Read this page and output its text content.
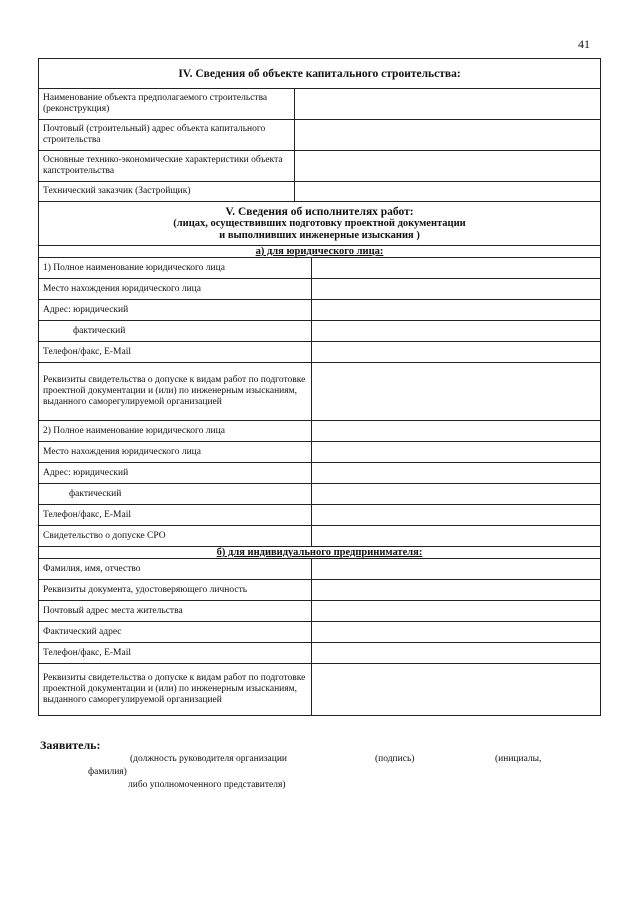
41
IV. Сведения об объекте капитального строительства:		
Наименование объекта предполагаемого строительства (реконструкция)		
Почтовый (строительный) адрес объекта капитального строительства		
Основные технико-экономические характеристики объекта капстроительства		
Технический заказчик (Застройщик)		

V. Сведения об исполнителях работ:
(лицах, осуществивших подготовку проектной документации
и выполнивших инженерные изыскания )		

а) для юридического лица:		
1) Полное наименование юридического лица		
Место нахождения юридического лица		
Адрес: юридический		
фактический		
Телефон/факс, E-Mail		
Реквизиты свидетельства о допуске к видам работ по подготовке проектной документации и (или) по инженерным изысканиям, выданного саморегулируемой организацией		
2) Полное наименование юридического лица		
Место нахождения юридического лица		
Адрес: юридический		
фактический		
Телефон/факс, E-Mail		
Свидетельство о допуске СРО		
б) для индивидуального предпринимателя:		
Фамилия, имя, отчество		
Реквизиты документа, удостоверяющего личность		
Почтовый адрес места жительства		
Фактический адрес		
Телефон/факс, E-Mail		
Реквизиты свидетельства о допуске к видам работ по подготовке проектной документации и (или) по инженерным изысканиям, выданного саморегулируемой организацией		
Заявитель:
(должность руководителя организации	(подпись)	(инициалы,
фамилия)
либо уполномоченного представителя)
